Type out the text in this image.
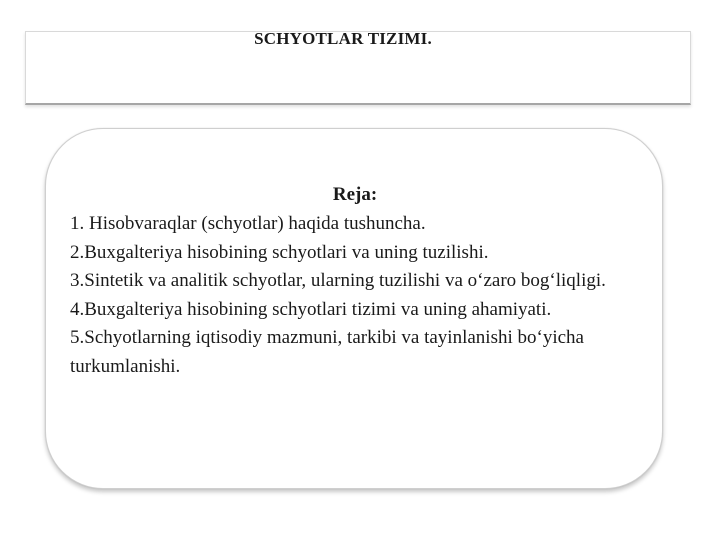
SCHYOTLAR TIZIMI.
Reja:
1. Hisobvaraqlar (schyotlar) haqida tushuncha.
2.Buxgalteriya hisobining schyotlari va uning tuzilishi.
3.Sintetik va analitik schyotlar, ularning tuzilishi va o‘zaro bog‘liqligi.
4.Buxgalteriya hisobining schyotlari tizimi va uning ahamiyati.
5.Schyotlarning iqtisodiy mazmuni, tarkibi va tayinlanishi bo‘yicha turkumlanishi.
